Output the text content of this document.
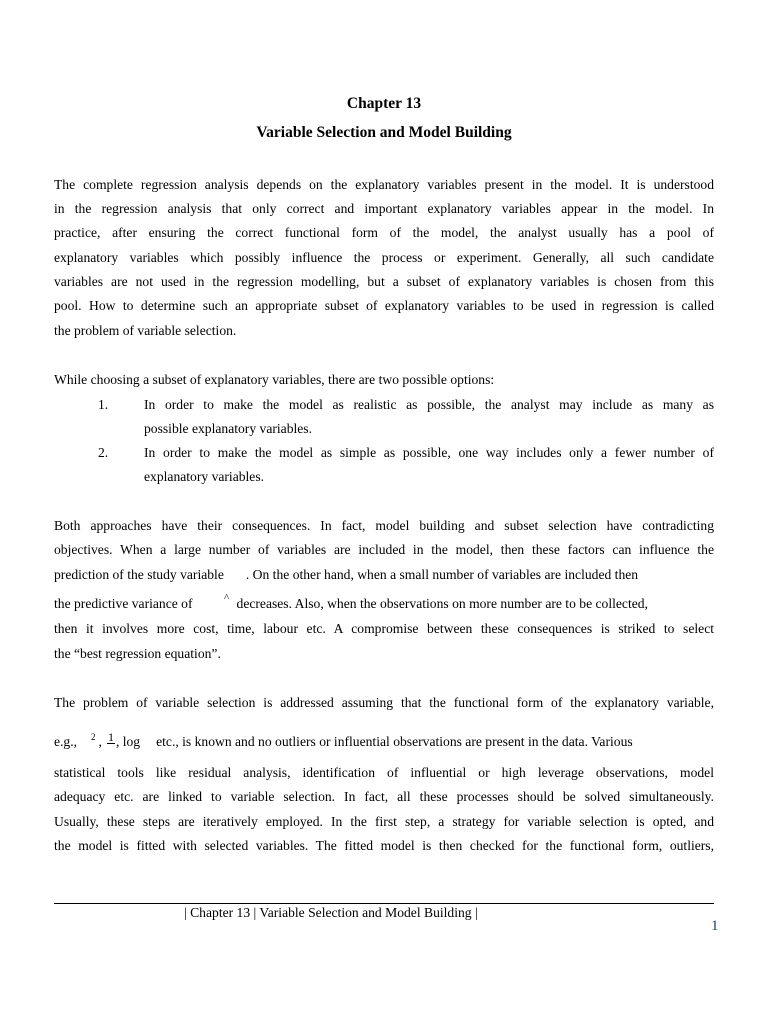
Chapter 13
Variable Selection and Model Building
The complete regression analysis depends on the explanatory variables present in the model. It is understood
in the regression analysis that only correct and important explanatory variables appear in the model. In
practice, after ensuring the correct functional form of the model, the analyst usually has a pool of
explanatory variables which possibly influence the process or experiment. Generally, all such candidate
variables are not used in the regression modelling, but a subset of explanatory variables is chosen from this
pool. How to determine such an appropriate subset of explanatory variables to be used in regression is called
the problem of variable selection.
While choosing a subset of explanatory variables, there are two possible options:
1.	In order to make the model as realistic as possible, the analyst may include as many as
possible explanatory variables.
2.	In order to make the model as simple as possible, one way includes only a fewer number of
explanatory variables.
Both approaches have their consequences. In fact, model building and subset selection have contradicting
objectives. When a large number of variables are included in the model, then these factors can influence the
prediction of the study variable . On the other hand, when a small number of variables are included then
the predictive variance of	decreases. Also, when the observations on more number are to be collected,
^
then it involves more cost, time, labour etc. A compromise between these consequences is striked to select
the “best regression equation”.
The problem of variable selection is addressed assuming that the functional form of the explanatory variable,
e.g., $^2$ , 1 , log etc., is known and no outliers or influential observations are present in the data. Various
statistical tools like residual analysis, identification of influential or high leverage observations, model
adequacy etc. are linked to variable selection. In fact, all these processes should be solved simultaneously.
Usually, these steps are iteratively employed. In the first step, a strategy for variable selection is opted, and
the model is fitted with selected variables. The fitted model is then checked for the functional form, outliers,
| Chapter 13 | Variable Selection and Model Building |
1
